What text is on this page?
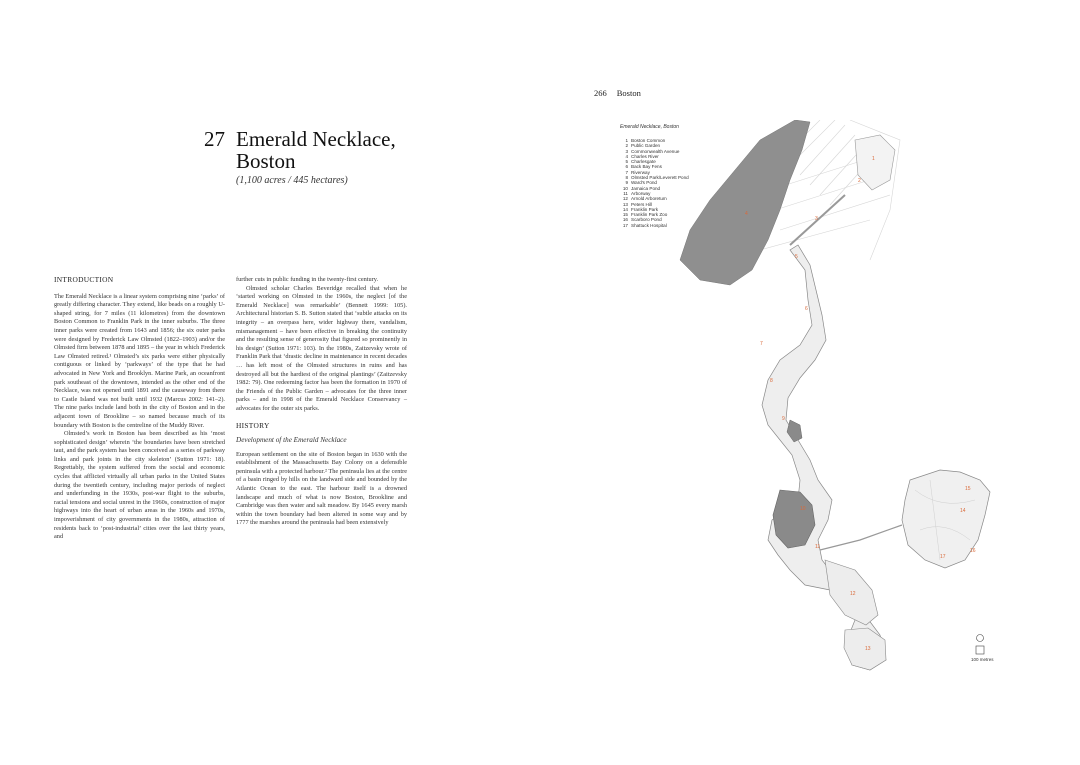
27 Emerald Necklace,
Boston
(1,100 acres / 445 hectares)
INTRODUCTION

The Emerald Necklace is a linear system comprising nine ‘parks’ of greatly differing character. They extend, like beads on a roughly U-shaped string, for 7 miles (11 kilometres) from the downtown Boston Common to Franklin Park in the inner suburbs. The three inner parks were created from 1643 and 1856; the six outer parks were designed by Frederick Law Olmsted (1822–1903) and/or the Olmsted firm between 1878 and 1895 – the year in which Frederick Law Olmsted retired.¹ Olmsted’s six parks were either physically contiguous or linked by ‘parkways’ of the type that he had advocated in New York and Brooklyn. Marine Park, an oceanfront park southeast of the downtown, intended as the other end of the Necklace, was not opened until 1891 and the causeway from there to Castle Island was not built until 1932 (Marcus 2002: 141–2). The nine parks include land both in the city of Boston and in the adjacent town of Brookline – so named because much of its boundary with Boston is the centreline of the Muddy River.

Olmsted’s work in Boston has been described as his ‘most sophisticated design’ wherein ‘the boundaries have been stretched taut, and the park system has been conceived as a series of parkway links and park joints in the city skeleton’ (Sutton 1971: 18). Regrettably, the system suffered from the social and economic cycles that afflicted virtually all urban parks in the United States during the twentieth century, including major periods of neglect and underfunding in the 1930s, post-war flight to the suburbs, racial tensions and social unrest in the 1960s, construction of major highways into the heart of urban areas in the 1960s and 1970s, impoverishment of city governments in the 1980s, attraction of residents back to ‘post-industrial’ cities over the last thirty years, and

further cuts in public funding in the twenty-first century.

Olmsted scholar Charles Beveridge recalled that when he ‘started working on Olmsted in the 1960s, the neglect [of the Emerald Necklace] was remarkable’ (Bennett 1999: 105). Architectural historian S. B. Sutton stated that ‘subtle attacks on its integrity – an overpass here, wider highway there, vandalism, mismanagement – have been effective in breaking the continuity and the resulting sense of generosity that figured so prominently in his design’ (Sutton 1971: 103). In the 1980s, Zaitzevsky wrote of Franklin Park that ‘drastic decline in maintenance in recent decades … has left most of the Olmsted structures in ruins and has destroyed all but the hardiest of the original plantings’ (Zaitzevsky 1982: 79). One redeeming factor has been the formation in 1970 of the Friends of the Public Garden – advocates for the three inner parks – and in 1998 of the Emerald Necklace Conservancy – advocates for the outer six parks.

HISTORY
Development of the Emerald Necklace

European settlement on the site of Boston began in 1630 with the establishment of the Massachusetts Bay Colony on a defensible peninsula with a protected harbour.² The peninsula lies at the centre of a basin ringed by hills on the landward side and bounded by the Atlantic Ocean to the east. The harbour itself is a drowned landscape and much of what is now Boston, Brookline and Cambridge was then water and salt meadow. By 1645 every marsh within the town boundary had been altered in some way and by 1777 the marshes around the peninsula had been extensively

266 Boston
Emerald Necklace, Boston
1 Boston Common
2 Public Garden
3 Commonwealth Avenue
4 Charles River
5 Charlesgate
6 Back Bay Fens
7 Riverway
8 Olmsted Park/Leverett Pond
9 Ward's Pond
10 Jamaica Pond
11 Arborway
12 Arnold Arboretum
13 Peters Hill
14 Franklin Park
15 Franklin Park Zoo
16 Scarboro Pond
17 Shattuck Hospital
1
2
3
4
5
6
7
8
9
10
11
12
13
14
15
16
17
100 metres
